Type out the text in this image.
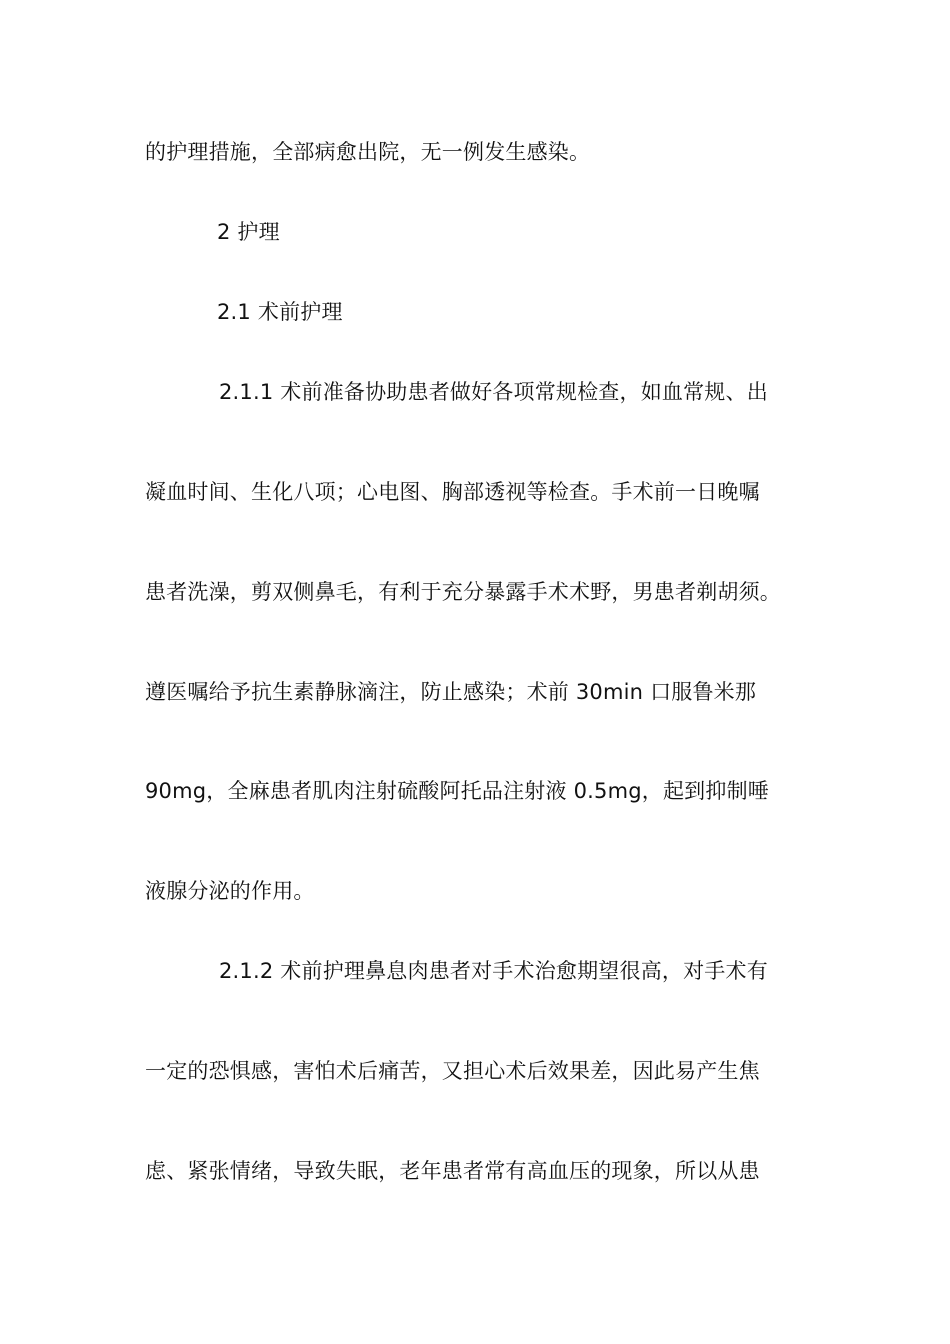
的护理措施，全部病愈出院，无一例发生感染。
2 护理
2.1 术前护理
2.1.1 术前准备协助患者做好各项常规检查，如血常规、出
凝血时间、生化八项；心电图、胸部透视等检查。手术前一日晚嘱
患者洗澡，剪双侧鼻毛，有利于充分暴露手术术野，男患者剃胡须。
遵医嘱给予抗生素静脉滴注，防止感染；术前 30min 口服鲁米那
90mg，全麻患者肌肉注射硫酸阿托品注射液 0.5mg，起到抑制唾
液腺分泌的作用。
2.1.2 术前护理鼻息肉患者对手术治愈期望很高，对手术有
一定的恐惧感，害怕术后痛苦，又担心术后效果差，因此易产生焦
虑、紧张情绪，导致失眠，老年患者常有高血压的现象，所以从患
